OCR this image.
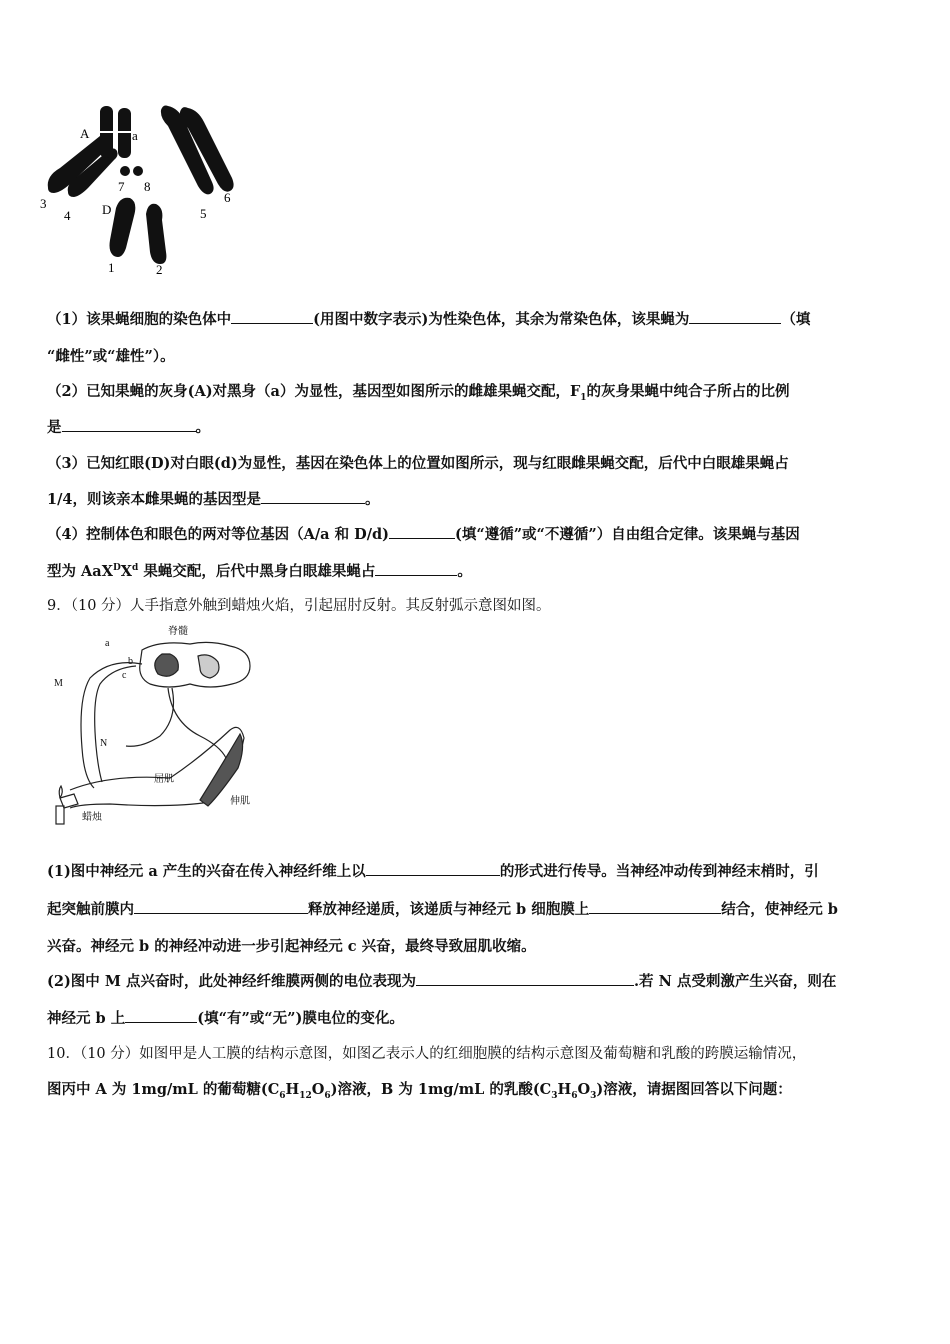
A	a
7 8
3
4 D	5
6
1	2
（1）该果蝇细胞的染色体中	(用图中数字表示)为性染色体，其余为常染色体，该果蝇为	（填
“雌性”或“雄性”）。
（2）已知果蝇的灰身(A)对黑身（a）为显性，基因型如图所示的雌雄果蝇交配，$F_1$的灰身果蝇中纯合子所占的比例
是	。
（3）已知红眼(D)对白眼(d)为显性，基因在染色体上的位置如图所示，现与红眼雌果蝇交配，后代中白眼雄果蝇占
1/4，则该亲本雌果蝇的基因型是	。
（4）控制体色和眼色的两对等位基因（A/a 和 D/d)	(填“遵循”或“不遵循”）自由组合定律。该果蝇与基因
型为 $AaX^DX^d$ 果蝇交配，后代中黑身白眼雄果蝇占	。
9．（10 分）人手指意外触到蜡烛火焰，引起屈肘反射。其反射弧示意图如图。
脊髓
a
b
c
M
N
屈肌
伸肌
蜡烛
(1)图中神经元 a 产生的兴奋在传入神经纤维上以	的形式进行传导。当神经冲动传到神经末梢时，引
起突触前膜内	释放神经递质，该递质与神经元 b 细胞膜上	结合，使神经元 b
兴奋。神经元 b 的神经冲动进一步引起神经元 c 兴奋，最终导致屈肌收缩。
(2)图中 M 点兴奋时，此处神经纤维膜两侧的电位表现为	.若 N 点受刺激产生兴奋，则在
神经元 b 上	(填“有”或“无”)膜电位的变化。
10．（10 分）如图甲是人工膜的结构示意图，如图乙表示人的红细胞膜的结构示意图及葡萄糖和乳酸的跨膜运输情况，
图丙中 A 为 1mg/mL 的葡萄糖$(C_6H_{12}O_6)$溶液，B 为 1mg/mL 的乳酸$(C_3H_6O_3)$溶液，请据图回答以下问题：
